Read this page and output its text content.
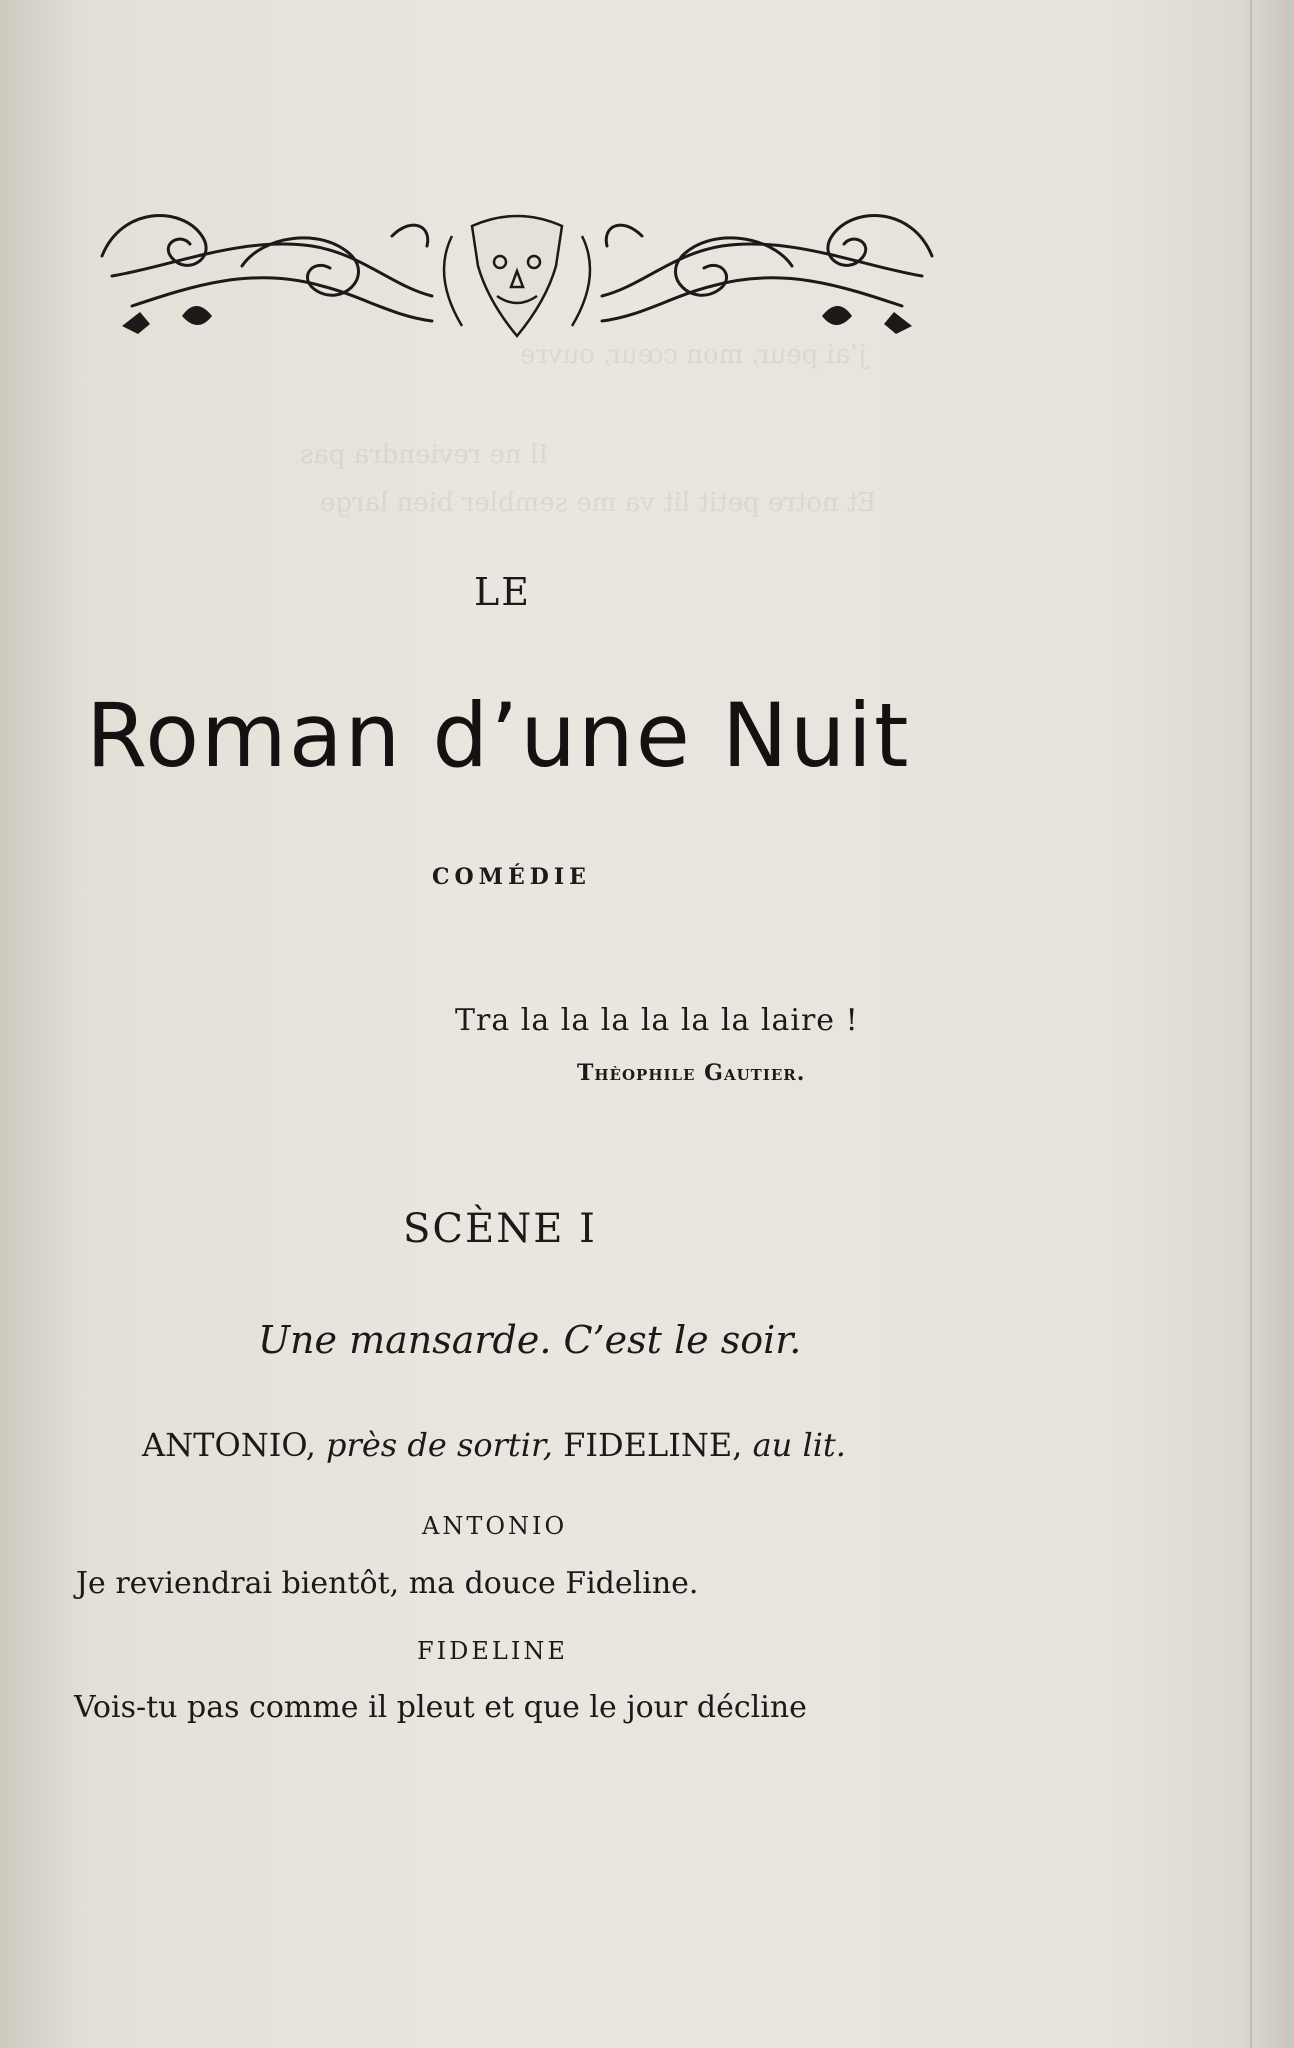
j’ai peur, mon cœur, ouvre
Il ne reviendra pas
Et notre petit lit va me sembler bien large
LE
Roman d’une Nuit
COMÉDIE
Tra la la la la la la laire !
Thèophile Gautier.
SCÈNE I
Une mansarde. C’est le soir.
ANTONIO, près de sortir, FIDELINE, au lit.
ANTONIO
Je reviendrai bientôt, ma douce Fideline.
FIDELINE
Vois-tu pas comme il pleut et que le jour décline
